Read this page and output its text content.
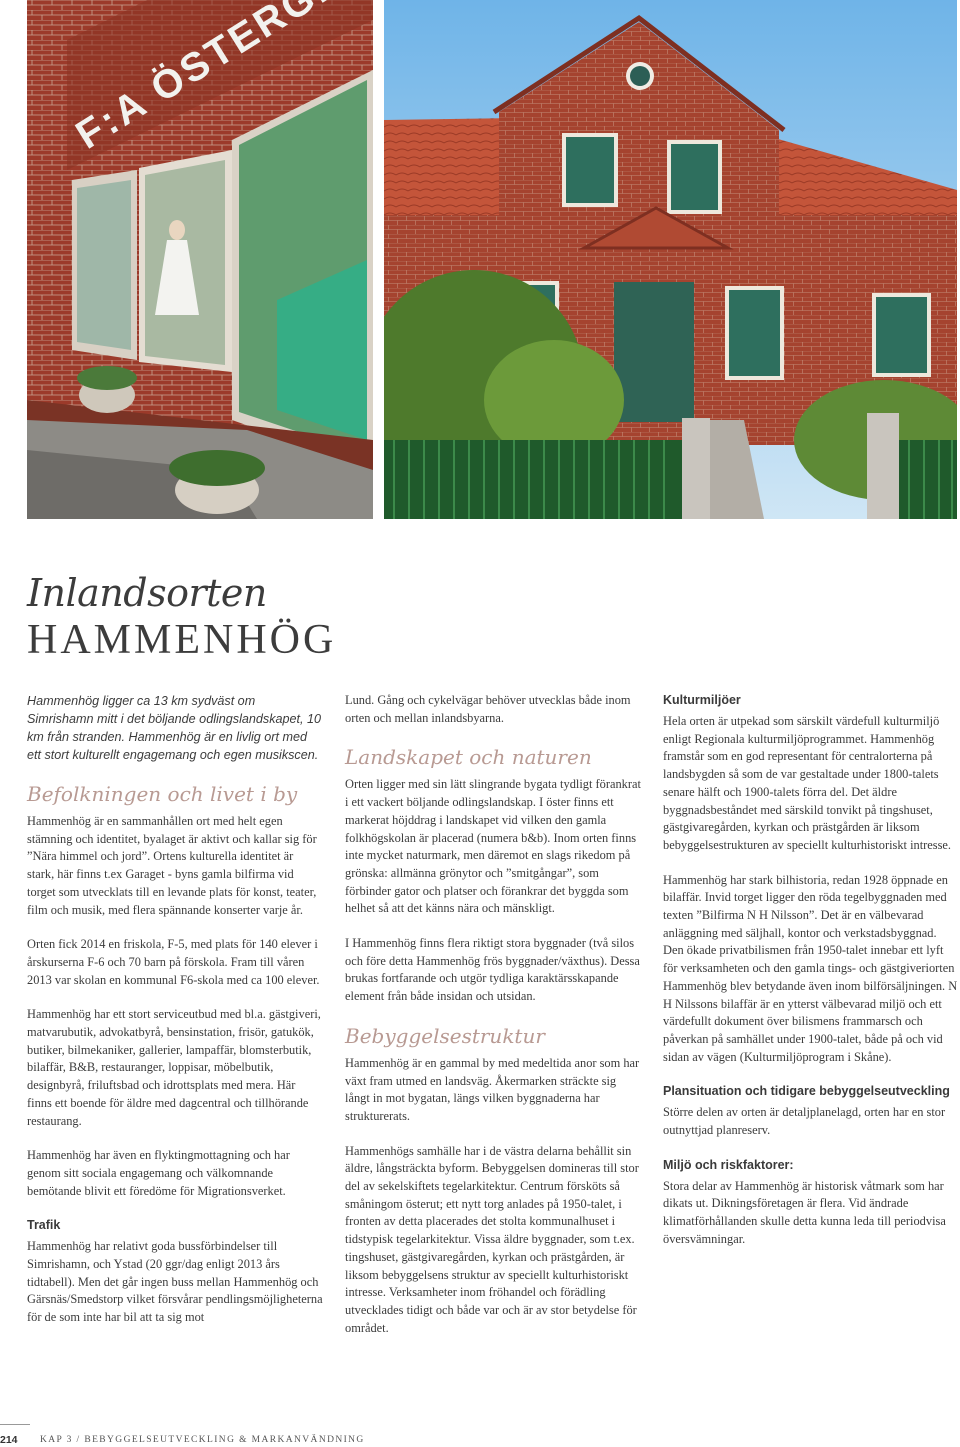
Inlandsorten
HAMMENHÖG

Hammenhög ligger ca 13 km sydväst om Simrishamn mitt i det böljande odlingslandskapet, 10 km från stranden. Hammenhög är en livlig ort med ett stort kulturellt engagemang och egen musikscen.

Befolkningen och livet i by

Hammenhög är en sammanhållen ort med helt egen stämning och identitet, byalaget är aktivt och kallar sig för ”Nära himmel och jord”. Ortens kulturella identitet är stark, här finns t.ex Garaget - byns gamla bilfirma vid torget som utvecklats till en levande plats för konst, teater, film och musik, med flera spännande konserter varje år.

Orten fick 2014 en friskola, F-5, med plats för 140 elever i årskurserna F-6 och 70 barn på förskola. Fram till våren 2013 var skolan en kommunal F6-skola med ca 100 elever.

Hammenhög har ett stort serviceutbud med bl.a. gästgiveri, matvarubutik, advokatbyrå, bensinstation, frisör, gatukök, butiker, bilmekaniker, gallerier, lampaffär, blomsterbutik, bilaffär, B&B, restauranger, loppisar, möbelbutik, designbyrå, friluftsbad och idrottsplats med mera. Här finns ett boende för äldre med dagcentral och tillhörande restaurang.

Hammenhög har även en flyktingmottagning och har genom sitt sociala engagemang och välkomnande bemötande blivit ett föredöme för Migrationsverket.

Trafik

Hammenhög har relativt goda bussförbindelser till Simrishamn, och Ystad (20 ggr/dag enligt 2013 års tidtabell). Men det går ingen buss mellan Hammenhög och Gärsnäs/Smedstorp vilket försvårar pendlingsmöjligheterna för de som inte har bil att ta sig mot

Lund. Gång och cykelvägar behöver utvecklas både inom orten och mellan inlandsbyarna.

Landskapet och naturen

Orten ligger med sin lätt slingrande bygata tydligt förankrat i ett vackert böljande odlingslandskap. I öster finns ett markerat höjddrag i landskapet vid vilken den gamla folkhögskolan är placerad (numera b&b). Inom orten finns inte mycket naturmark, men däremot en slags rikedom på grönska: allmänna grönytor och ”smitgångar”, som förbinder gator och platser och förankrar det byggda som helhet så att det känns nära och mänskligt.

I Hammenhög finns flera riktigt stora byggnader (två silos och före detta Hammenhög frös byggnader/växthus). Dessa brukas fortfarande och utgör tydliga karaktärsskapande element från både insidan och utsidan.

Bebyggelsestruktur

Hammenhög är en gammal by med medeltida anor som har växt fram utmed en landsväg. Åkermarken sträckte sig långt in mot bygatan, längs vilken byggnaderna har strukturerats.

Hammenhögs samhälle har i de västra delarna behållit sin äldre, långsträckta byform. Bebyggelsen domineras till stor del av sekelskiftets tegelarkitektur. Centrum försköts så småningom österut; ett nytt torg anlades på 1950-talet, i fronten av detta placerades det stolta kommunalhuset i tidstypisk tegelarkitektur. Vissa äldre byggnader, som t.ex. tingshuset, gästgivaregården, kyrkan och prästgården, är liksom bebyggelsens struktur av speciellt kulturhistoriskt intresse. Verksamheter inom fröhandel och förädling utvecklades tidigt och både var och är av stor betydelse för området.

Kulturmiljöer

Hela orten är utpekad som särskilt värdefull kulturmiljö enligt Regionala kulturmiljöprogrammet. Hammenhög framstår som en god representant för centralorterna på landsbygden så som de var gestaltade under 1800-talets senare hälft och 1900-talets förra del. Det äldre byggnadsbeståndet med särskild tonvikt på tingshuset, gästgivaregården, kyrkan och prästgården är liksom bebyggelsestrukturen av speciellt kulturhistoriskt intresse.

Hammenhög har stark bilhistoria, redan 1928 öppnade en bilaffär. Invid torget ligger den röda tegelbyggnaden med texten ”Bilfirma N H Nilsson”. Det är en välbevarad anläggning med säljhall, kontor och verkstadsbyggnad. Den ökade privatbilismen från 1950-talet innebar ett lyft för verksamheten och den gamla tings- och gästgiveriorten Hammenhög blev betydande även inom bilförsäljningen. N H Nilssons bilaffär är en ytterst välbevarad miljö och ett värdefullt dokument över bilismens frammarsch och påverkan på samhället under 1900-talet, både på och vid sidan av vägen (Kulturmiljöprogram i Skåne).

Plansituation och tidigare bebyggelseutveckling

Större delen av orten är detaljplanelagd, orten har en stor outnyttjad planreserv.

Miljö och riskfaktorer:

Stora delar av Hammenhög är historisk våtmark som har dikats ut. Dikningsföretagen är flera. Vid ändrade klimatförhållanden skulle detta kunna leda till periodvisa översvämningar.

214 KAP 3 / BEBYGGELSEUTVECKLING & MARKANVÄNDNING
